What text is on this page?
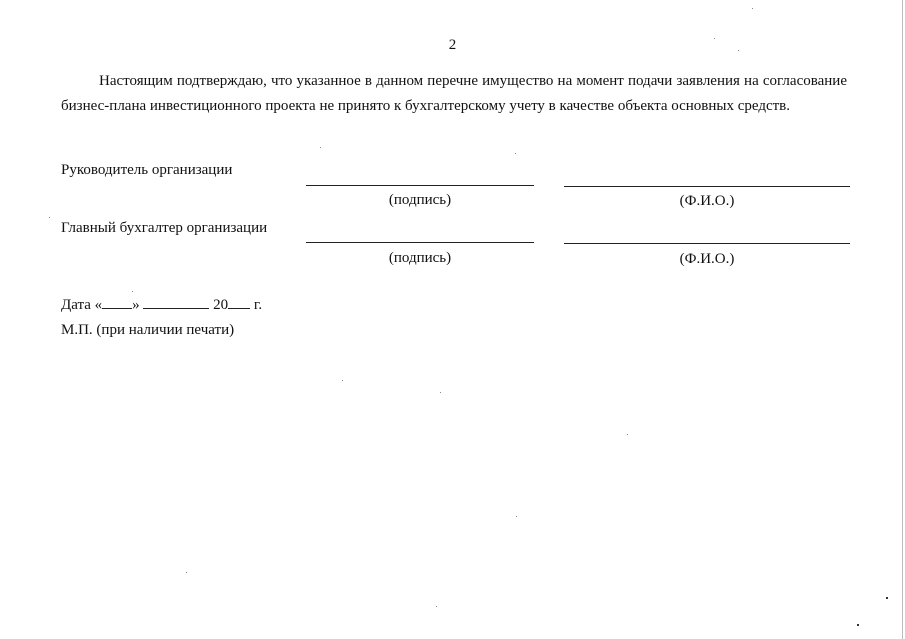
2
Настоящим подтверждаю, что указанное в данном перечне имущество на момент подачи заявления на согласование бизнес-плана инвестиционного проекта не принято к бухгалтерскому учету в качестве объекта основных средств.
Руководитель организации
(подпись)	(Ф.И.О.)
Главный бухгалтер организации
(подпись)	(Ф.И.О.)
Дата « »	20 г.
М.П. (при наличии печати)
